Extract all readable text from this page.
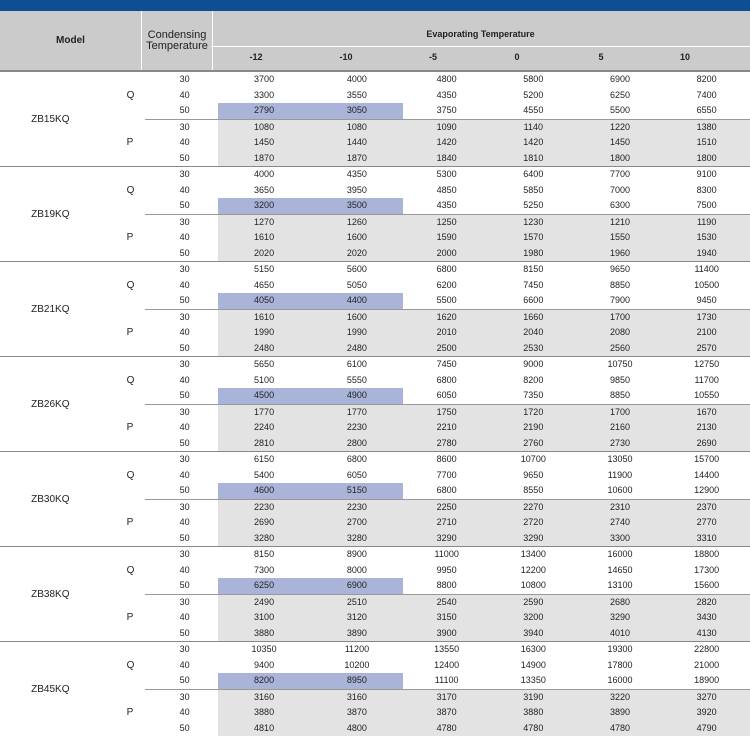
Model	Condensing
Temperature
Evaporating Temperature
-12	-10	-5	0	5	10
ZB15KQ	Q	30	3700	4000	4800	5800	6900	8200
		40	3300	3550	4350	5200	6250	7400
		50	2790	3050	3750	4550	5500	6550
	P	30	1080	1080	1090	1140	1220	1380
		40	1450	1440	1420	1420	1450	1510
		50	1870	1870	1840	1810	1800	1800
ZB19KQ	Q	30	4000	4350	5300	6400	7700	9100
		40	3650	3950	4850	5850	7000	8300
		50	3200	3500	4350	5250	6300	7500
	P	30	1270	1260	1250	1230	1210	1190
		40	1610	1600	1590	1570	1550	1530
		50	2020	2020	2000	1980	1960	1940
ZB21KQ	Q	30	5150	5600	6800	8150	9650	11400
		40	4650	5050	6200	7450	8850	10500
		50	4050	4400	5500	6600	7900	9450
	P	30	1610	1600	1620	1660	1700	1730
		40	1990	1990	2010	2040	2080	2100
		50	2480	2480	2500	2530	2560	2570
ZB26KQ	Q	30	5650	6100	7450	9000	10750	12750
		40	5100	5550	6800	8200	9850	11700
		50	4500	4900	6050	7350	8850	10550
	P	30	1770	1770	1750	1720	1700	1670
		40	2240	2230	2210	2190	2160	2130
		50	2810	2800	2780	2760	2730	2690
ZB30KQ	Q	30	6150	6800	8600	10700	13050	15700
		40	5400	6050	7700	9650	11900	14400
		50	4600	5150	6800	8550	10600	12900
	P	30	2230	2230	2250	2270	2310	2370
		40	2690	2700	2710	2720	2740	2770
		50	3280	3280	3290	3290	3300	3310
ZB38KQ	Q	30	8150	8900	11000	13400	16000	18800
		40	7300	8000	9950	12200	14650	17300
		50	6250	6900	8800	10800	13100	15600
	P	30	2490	2510	2540	2590	2680	2820
		40	3100	3120	3150	3200	3290	3430
		50	3880	3890	3900	3940	4010	4130
ZB45KQ	Q	30	10350	11200	13550	16300	19300	22800
		40	9400	10200	12400	14900	17800	21000
		50	8200	8950	11100	13350	16000	18900
	P	30	3160	3160	3170	3190	3220	3270
		40	3880	3870	3870	3880	3890	3920
		50	4810	4800	4780	4780	4780	4790
